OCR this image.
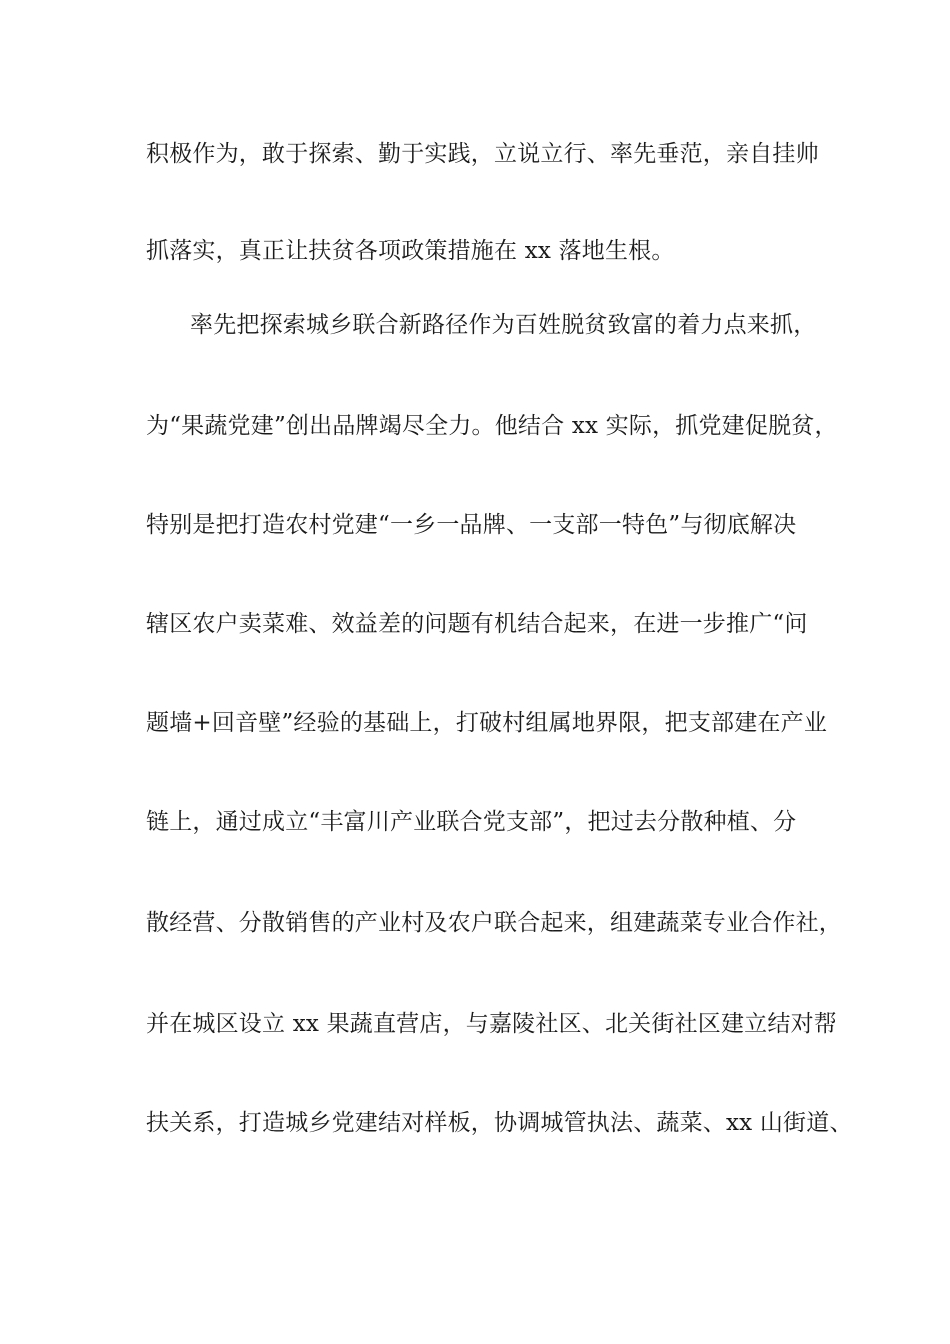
积极作为，敢于探索、勤于实践，立说立行、率先垂范，亲自挂帅
抓落实，真正让扶贫各项政策措施在 xx 落地生根。
率先把探索城乡联合新路径作为百姓脱贫致富的着力点来抓，
为“果蔬党建”创出品牌竭尽全力。他结合 xx 实际，抓党建促脱贫，
特别是把打造农村党建“一乡一品牌、一支部一特色”与彻底解决
辖区农户卖菜难、效益差的问题有机结合起来，在进一步推广“问
题墙+回音壁”经验的基础上，打破村组属地界限，把支部建在产业
链上，通过成立“丰富川产业联合党支部”，把过去分散种植、分
散经营、分散销售的产业村及农户联合起来，组建蔬菜专业合作社，
并在城区设立 xx 果蔬直营店，与嘉陵社区、北关街社区建立结对帮
扶关系，打造城乡党建结对样板，协调城管执法、蔬菜、xx 山街道、
